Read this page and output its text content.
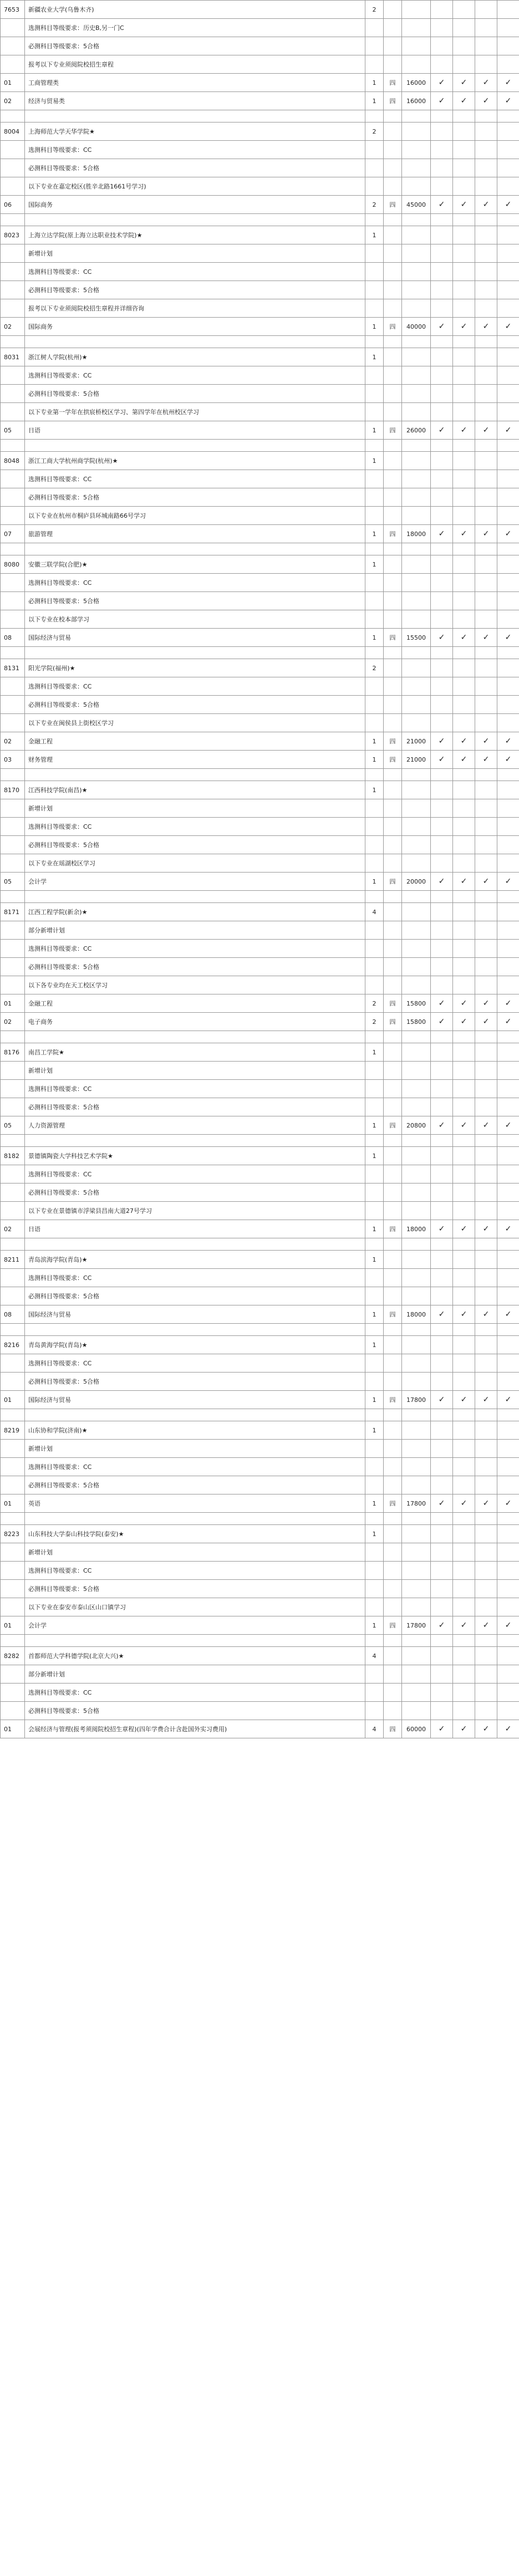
7653	新疆农业大学(乌鲁木齐)	2						
	选测科目等级要求：历史B,另一门C							
	必测科目等级要求：5合格							
	报考以下专业须阅院校招生章程							
01	工商管理类	1	四	16000	✓	✓	✓	✓
02	经济与贸易类	1	四	16000	✓	✓	✓	✓

8004	上海师范大学天华学院★	2						
	选测科目等级要求：CC							
	必测科目等级要求：5合格							
	以下专业在嘉定校区(胜辛北路1661号学习)							
06	国际商务	2	四	45000	✓	✓	✓	✓

8023	上海立达学院(原上海立达职业技术学院)★	1						
	新增计划							
	选测科目等级要求：CC							
	必测科目等级要求：5合格							
	报考以下专业须阅院校招生章程并详细咨询							
02	国际商务	1	四	40000	✓	✓	✓	✓

8031	浙江树人学院(杭州)★	1						
	选测科目等级要求：CC							
	必测科目等级要求：5合格							
	以下专业第一学年在拱宸桥校区学习、第四学年在杭州校区学习							
05	日语	1	四	26000	✓	✓	✓	✓

8048	浙江工商大学杭州商学院(杭州)★	1						
	选测科目等级要求：CC							
	必测科目等级要求：5合格							
	以下专业在杭州市桐庐县环城南路66号学习							
07	旅游管理	1	四	18000	✓	✓	✓	✓

8080	安徽三联学院(合肥)★	1						
	选测科目等级要求：CC							
	必测科目等级要求：5合格							
	以下专业在校本部学习							
08	国际经济与贸易	1	四	15500	✓	✓	✓	✓

8131	阳光学院(福州)★	2						
	选测科目等级要求：CC							
	必测科目等级要求：5合格							
	以下专业在闽侯县上街校区学习							
02	金融工程	1	四	21000	✓	✓	✓	✓
03	财务管理	1	四	21000	✓	✓	✓	✓

8170	江西科技学院(南昌)★	1						
	新增计划							
	选测科目等级要求：CC							
	必测科目等级要求：5合格							
	以下专业在瑶湖校区学习							
05	会计学	1	四	20000	✓	✓	✓	✓

8171	江西工程学院(新余)★	4						
	部分新增计划							
	选测科目等级要求：CC							
	必测科目等级要求：5合格							
	以下各专业均在天工校区学习							
01	金融工程	2	四	15800	✓	✓	✓	✓
02	电子商务	2	四	15800	✓	✓	✓	✓

8176	南昌工学院★	1						
	新增计划							
	选测科目等级要求：CC							
	必测科目等级要求：5合格							
05	人力资源管理	1	四	20800	✓	✓	✓	✓

8182	景德镇陶瓷大学科技艺术学院★	1						
	选测科目等级要求：CC							
	必测科目等级要求：5合格							
	以下专业在景德镇市浮梁县昌南大道27号学习							
02	日语	1	四	18000	✓	✓	✓	✓

8211	青岛滨海学院(青岛)★	1						
	选测科目等级要求：CC							
	必测科目等级要求：5合格							
08	国际经济与贸易	1	四	18000	✓	✓	✓	✓

8216	青岛黄海学院(青岛)★	1						
	选测科目等级要求：CC							
	必测科目等级要求：5合格							
01	国际经济与贸易	1	四	17800	✓	✓	✓	✓

8219	山东协和学院(济南)★	1						
	新增计划							
	选测科目等级要求：CC							
	必测科目等级要求：5合格							
01	英语	1	四	17800	✓	✓	✓	✓

8223	山东科技大学泰山科技学院(泰安)★	1						
	新增计划							
	选测科目等级要求：CC							
	必测科目等级要求：5合格							
	以下专业在泰安市泰山区山口镇学习							
01	会计学	1	四	17800	✓	✓	✓	✓

8282	首都师范大学科德学院(北京大兴)★	4						
	部分新增计划							
	选测科目等级要求：CC							
	必测科目等级要求：5合格							
01	会展经济与管理(报考须阅院校招生章程)(四年学费合计含赴国外实习费用)	4	四	60000	✓	✓	✓	✓
